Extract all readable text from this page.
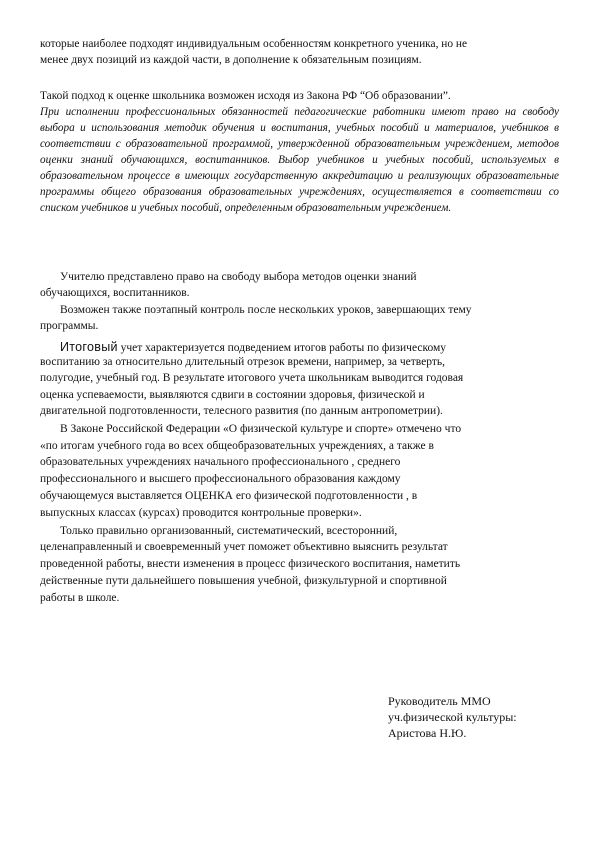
которые наиболее подходят индивидуальным особенностям конкретного ученика, но не
менее двух позиций из каждой части, в дополнение к обязательным позициям.
Такой подход к оценке школьника возможен исходя из Закона РФ “Об образовании”.
При исполнении профессиональных обязанностей педагогические работники имеют право на свободу выбора и использования методик обучения и воспитания, учебных пособий и материалов, учебников в соответствии с образовательной программой, утвержденной образовательным учреждением, методов оценки знаний обучающихся, воспитанников. Выбор учебников и учебных пособий, используемых в образовательном процессе в имеющих государственную аккредитацию и реализующих образовательные программы общего образования образовательных учреждениях, осуществляется в соответствии со списком учебников и учебных пособий, определенным образовательным учреждением.
Учителю представлено право на свободу выбора методов оценки знаний
обучающихся, воспитанников.
Возможен также поэтапный контроль после нескольких уроков, завершающих тему
программы.
Итоговый учет характеризуется подведением итогов работы по физическому
воспитанию за относительно длительный отрезок времени, например, за четверть,
полугодие, учебный год. В результате итогового учета школьникам выводится годовая
оценка успеваемости, выявляются сдвиги в состоянии здоровья, физической и
двигательной подготовленности, телесного развития (по данным антропометрии).
В Законе Российской Федерации «О физической культуре и спорте» отмечено что
«по итогам учебного года во всех общеобразовательных учреждениях, а также в
образовательных учреждениях начального профессионального , среднего
профессионального и высшего профессионального образования каждому
обучающемуся выставляется ОЦЕНКА его физической подготовленности , в
выпускных классах (курсах) проводится контрольные проверки».
Только правильно организованный, систематический, всесторонний,
целенаправленный и своевременный учет поможет объективно выяснить результат
проведенной работы, внести изменения в процесс физического воспитания, наметить
действенные пути дальнейшего повышения учебной, физкультурной и спортивной
работы в школе.
Руководитель ММО
уч.физической культуры:
Аристова Н.Ю.
